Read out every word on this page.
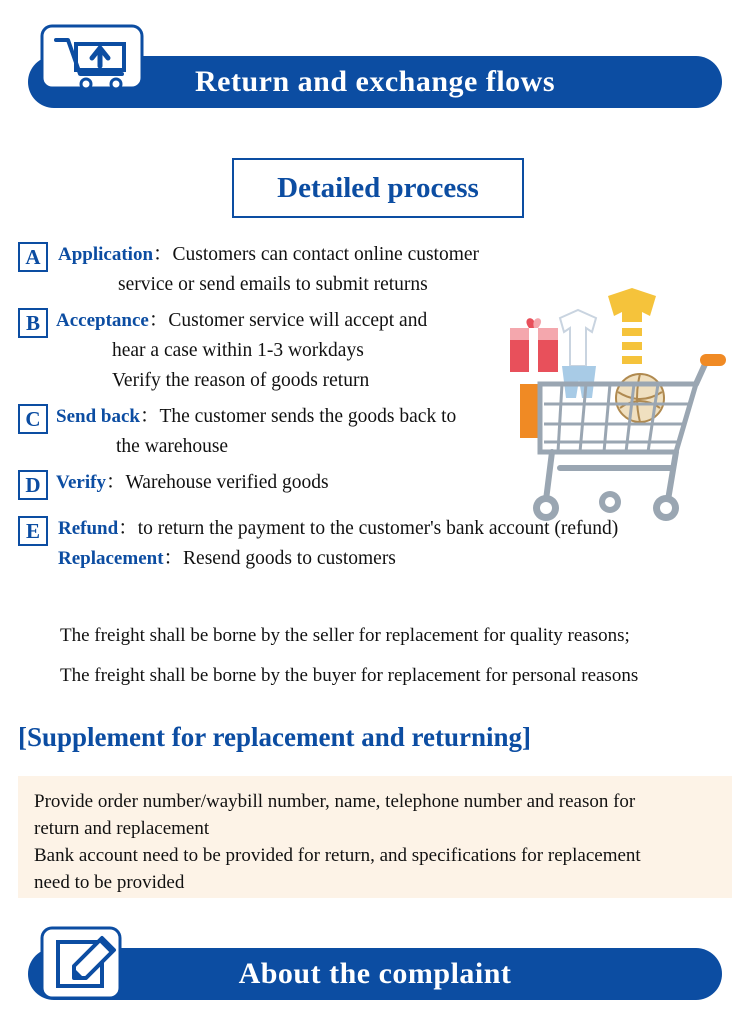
Return and exchange flows
Detailed process
A Application：Customers can contact online customer
service or send emails to submit returns
B Acceptance：Customer service will accept and
hear a case within 1-3 workdays
Verify the reason of goods return
C Send back：The customer sends the goods back to
the warehouse
D Verify：Warehouse verified goods
E Refund：to return the payment to the customer's bank account (refund)
Replacement：Resend goods to customers

The freight shall be borne by the seller for replacement for quality reasons;

The freight shall be borne by the buyer for replacement for personal reasons

[Supplement for replacement and returning]
Provide order number/waybill number, name, telephone number and reason for
return and replacement
Bank account need to be provided for return, and specifications for replacement
need to be provided
About the complaint
